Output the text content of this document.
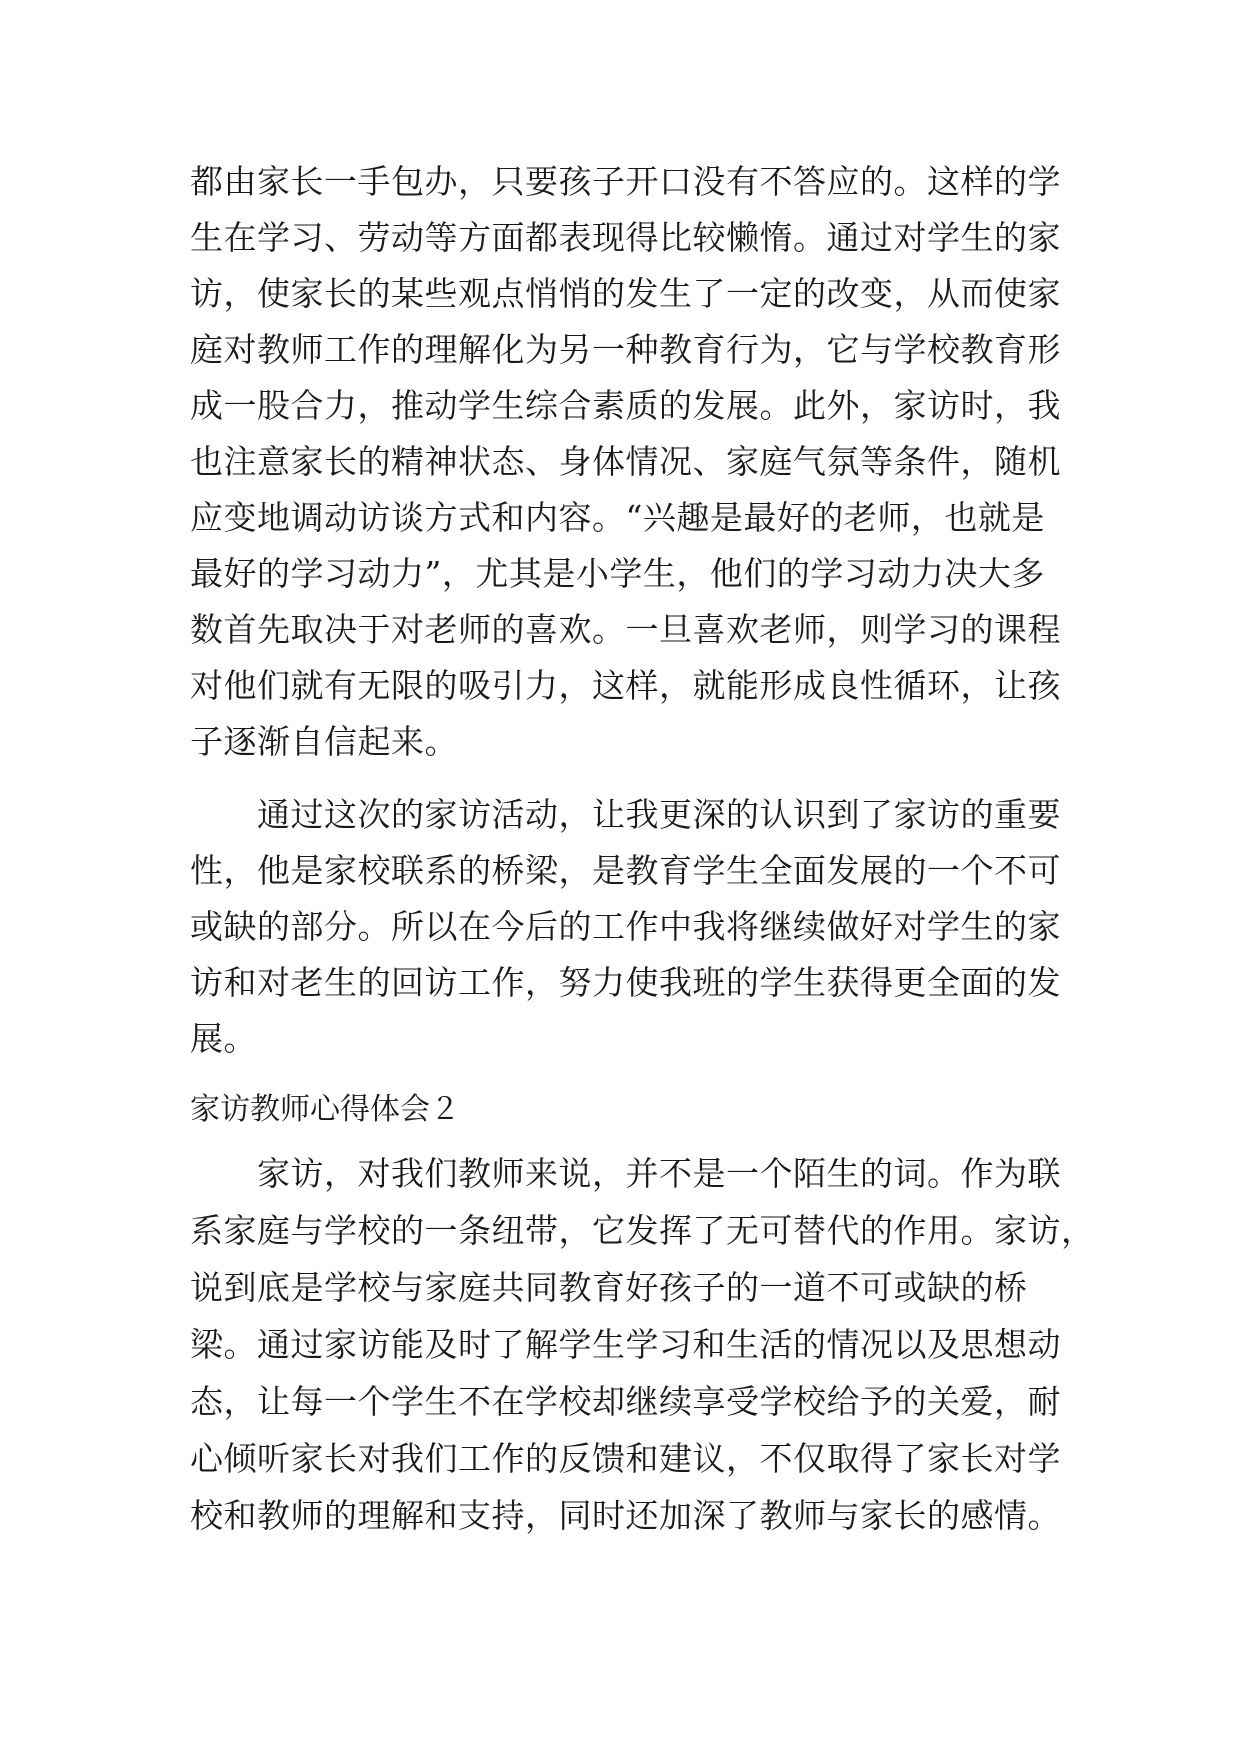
都由家长一手包办，只要孩子开口没有不答应的。这样的学

生在学习、劳动等方面都表现得比较懒惰。通过对学生的家

访，使家长的某些观点悄悄的发生了一定的改变，从而使家

庭对教师工作的理解化为另一种教育行为，它与学校教育形

成一股合力，推动学生综合素质的发展。此外，家访时，我

也注意家长的精神状态、身体情况、家庭气氛等条件，随机

应变地调动访谈方式和内容。“兴趣是最好的老师，也就是

最好的学习动力”，尤其是小学生，他们的学习动力决大多

数首先取决于对老师的喜欢。一旦喜欢老师，则学习的课程

对他们就有无限的吸引力，这样，就能形成良性循环，让孩

子逐渐自信起来。

通过这次的家访活动，让我更深的认识到了家访的重要

性，他是家校联系的桥梁，是教育学生全面发展的一个不可

或缺的部分。所以在今后的工作中我将继续做好对学生的家

访和对老生的回访工作，努力使我班的学生获得更全面的发

展。

家访教师心得体会２

家访，对我们教师来说，并不是一个陌生的词。作为联

系家庭与学校的一条纽带，它发挥了无可替代的作用。家访，

说到底是学校与家庭共同教育好孩子的一道不可或缺的桥

梁。通过家访能及时了解学生学习和生活的情况以及思想动

态，让每一个学生不在学校却继续享受学校给予的关爱，耐

心倾听家长对我们工作的反馈和建议，不仅取得了家长对学

校和教师的理解和支持，同时还加深了教师与家长的感情。
